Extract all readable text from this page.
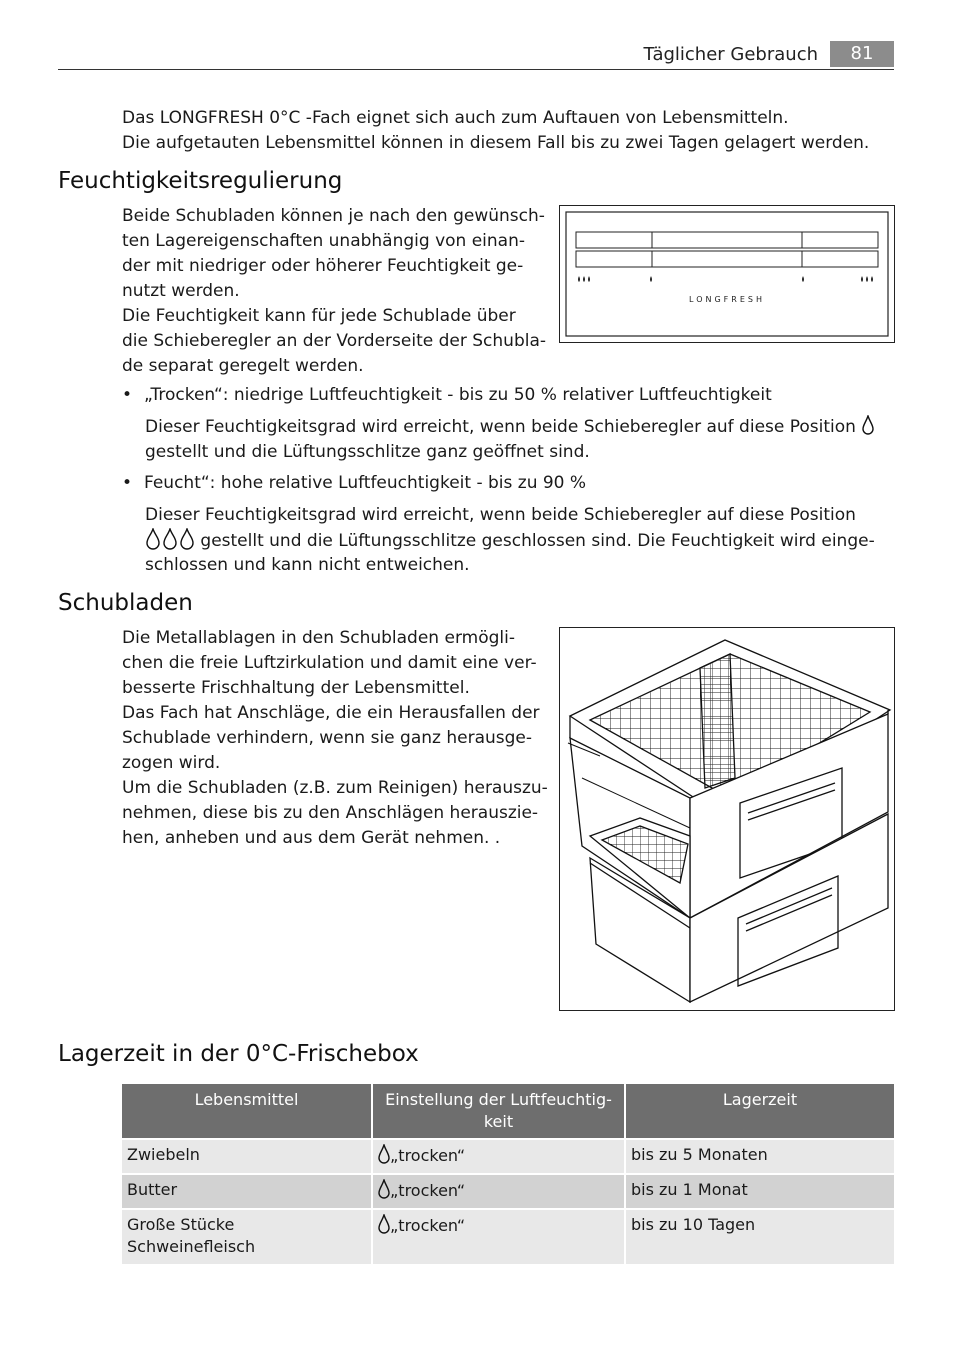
Täglicher Gebrauch	81
Das LONGFRESH 0°C -Fach eignet sich auch zum Auftauen von Lebensmitteln.
Die aufgetauten Lebensmittel können in diesem Fall bis zu zwei Tagen gelagert werden.
Feuchtigkeitsregulierung
Beide Schubladen können je nach den gewünsch-
ten Lagereigenschaften unabhängig von einan-
der mit niedriger oder höherer Feuchtigkeit ge-
nutzt werden.
Die Feuchtigkeit kann für jede Schublade über
die Schieberegler an der Vorderseite der Schubla-
de separat geregelt werden.
LONGFRESH
• „Trocken“: niedrige Luftfeuchtigkeit - bis zu 50 % relativer Luftfeuchtigkeit
Dieser Feuchtigkeitsgrad wird erreicht, wenn beide Schieberegler auf diese Position
gestellt und die Lüftungsschlitze ganz geöffnet sind.
• Feucht“: hohe relative Luftfeuchtigkeit - bis zu 90 %
Dieser Feuchtigkeitsgrad wird erreicht, wenn beide Schieberegler auf diese Position
gestellt und die Lüftungsschlitze geschlossen sind. Die Feuchtigkeit wird einge-
schlossen und kann nicht entweichen.
Schubladen
Die Metallablagen in den Schubladen ermögli-
chen die freie Luftzirkulation und damit eine ver-
besserte Frischhaltung der Lebensmittel.
Das Fach hat Anschläge, die ein Herausfallen der
Schublade verhindern, wenn sie ganz herausge-
zogen wird.
Um die Schubladen (z.B. zum Reinigen) herauszu-
nehmen, diese bis zu den Anschlägen herauszie-
hen, anheben und aus dem Gerät nehmen. .
Lagerzeit in der 0°C-Frischebox
Lebensmittel	Einstellung der Luftfeuchtig-
keit	Lagerzeit
Zwiebeln	„trocken“	bis zu 5 Monaten
Butter	„trocken“	bis zu 1 Monat
Große Stücke Schweinefleisch	„trocken“	bis zu 10 Tagen
